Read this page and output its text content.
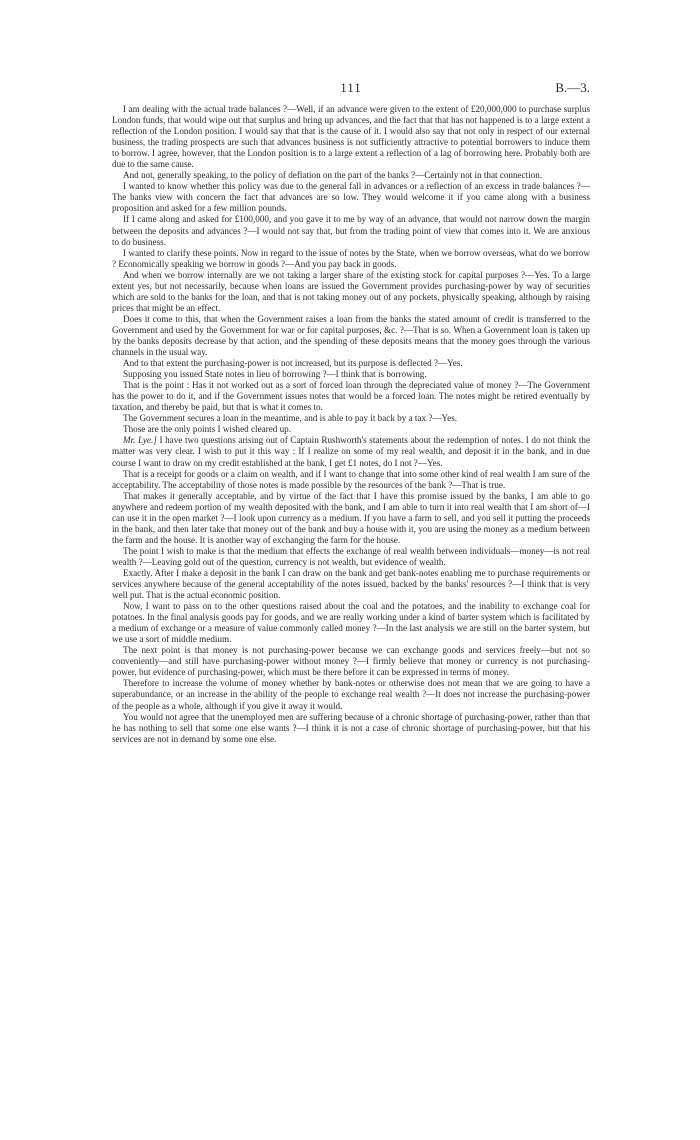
111	B.—3.

I am dealing with the actual trade balances ?—Well, if an advance were given to the extent of £20,000,000 to purchase surplus London funds, that would wipe out that surplus and bring up advances, and the fact that that has not happened is to a large extent a reflection of the London position. I would say that that is the cause of it. I would also say that not only in respect of our external business, the trading prospects are such that advances business is not sufficiently attractive to potential borrowers to induce them to borrow. I agree, however, that the London position is to a large extent a reflection of a lag of borrowing here. Probably both are due to the same cause.

And not, generally speaking, to the policy of deflation on the part of the banks ?—Certainly not in that connection.

I wanted to know whether this policy was due to the general fall in advances or a reflection of an excess in trade balances ?—The banks view with concern the fact that advances are so low. They would welcome it if you came along with a business proposition and asked for a few million pounds.

If I came along and asked for £100,000, and you gave it to me by way of an advance, that would not narrow down the margin between the deposits and advances ?—I would not say that, but from the trading point of view that comes into it. We are anxious to do business.

I wanted to clarify these points. Now in regard to the issue of notes by the State, when we borrow overseas, what do we borrow ? Economically speaking we borrow in goods ?—And you pay back in goods.

And when we borrow internally are we not taking a larger share of the existing stock for capital purposes ?—Yes. To a large extent yes, but not necessarily, because when loans are issued the Government provides purchasing-power by way of securities which are sold to the banks for the loan, and that is not taking money out of any pockets, physically speaking, although by raising prices that might be an effect.

Does it come to this, that when the Government raises a loan from the banks the stated amount of credit is transferred to the Government and used by the Government for war or for capital purposes, &c. ?—That is so. When a Government loan is taken up by the banks deposits decrease by that action, and the spending of these deposits means that the money goes through the various channels in the usual way.

And to that extent the purchasing-power is not increased, but its purpose is deflected ?—Yes.

Supposing you issued State notes in lieu of borrowing ?—I think that is borrowing.

That is the point : Has it not worked out as a sort of forced loan through the depreciated value of money ?—The Government has the power to do it, and if the Government issues notes that would be a forced loan. The notes might be retired eventually by taxation, and thereby be paid, but that is what it comes to.

The Government secures a loan in the meantime, and is able to pay it back by a tax ?—Yes.

Those are the only points I wished cleared up.

Mr. Lye.] I have two questions arising out of Captain Rushworth's statements about the redemption of notes. I do not think the matter was very clear. I wish to put it this way : If I realize on some of my real wealth, and deposit it in the bank, and in due course I want to draw on my credit established at the bank, I get £1 notes, do I not ?—Yes.

That is a receipt for goods or a claim on wealth, and if I want to change that into some other kind of real wealth I am sure of the acceptability. The acceptability of those notes is made possible by the resources of the bank ?—That is true.

That makes it generally acceptable, and by virtue of the fact that I have this promise issued by the banks, I am able to go anywhere and redeem portion of my wealth deposited with the bank, and I am able to turn it into real wealth that I am short of—I can use it in the open market ?—I look upon currency as a medium. If you have a farm to sell, and you sell it putting the proceeds in the bank, and then later take that money out of the bank and buy a house with it, you are using the money as a medium between the farm and the house. It is another way of exchanging the farm for the house.

The point I wish to make is that the medium that effects the exchange of real wealth between individuals—money—is not real wealth ?—Leaving gold out of the question, currency is not wealth, but evidence of wealth.

Exactly. After I make a deposit in the bank I can draw on the bank and get bank-notes enabling me to purchase requirements or services anywhere because of the general acceptability of the notes issued, backed by the banks' resources ?—I think that is very well put. That is the actual economic position.

Now, I want to pass on to the other questions raised about the coal and the potatoes, and the inability to exchange coal for potatoes. In the final analysis goods pay for goods, and we are really working under a kind of barter system which is facilitated by a medium of exchange or a measure of value commonly called money ?—In the last analysis we are still on the barter system, but we use a sort of middle medium.

The next point is that money is not purchasing-power because we can exchange goods and services freely—but not so conveniently—and still have purchasing-power without money ?—I firmly believe that money or currency is not purchasing-power, but evidence of purchasing-power, which must be there before it can be expressed in terms of money.

Therefore to increase the volume of money whether by bank-notes or otherwise does not mean that we are going to have a superabundance, or an increase in the ability of the people to exchange real wealth ?—It does not increase the purchasing-power of the people as a whole, although if you give it away it would.

You would not agree that the unemployed men are suffering because of a chronic shortage of purchasing-power, rather than that he has nothing to sell that some one else wants ?—I think it is not a case of chronic shortage of purchasing-power, but that his services are not in demand by some one else.
